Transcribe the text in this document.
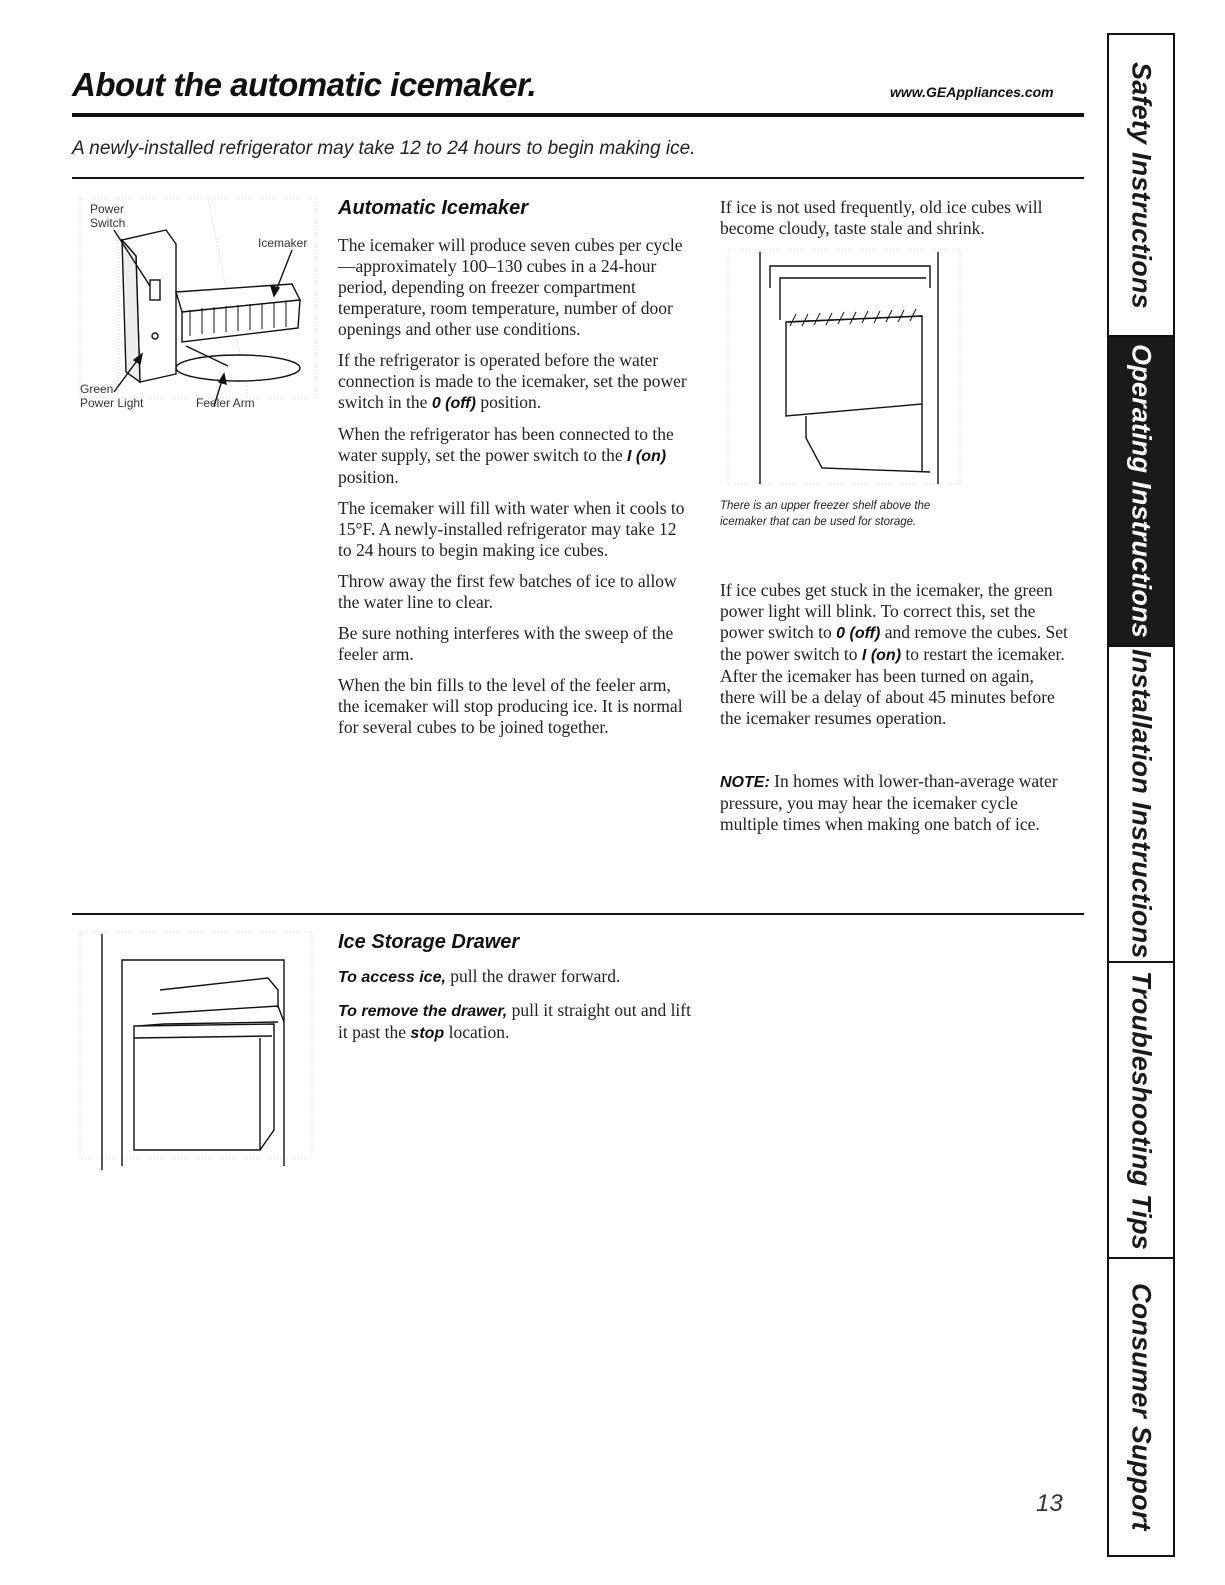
About the automatic icemaker.	www.GEAppliances.com
A newly-installed refrigerator may take 12 to 24 hours to begin making ice.
Power
Switch
Icemaker
Green
Power Light	Feeler Arm
Automatic Icemaker

The icemaker will produce seven cubes per cycle—approximately 100–130 cubes in a 24-hour period, depending on freezer compartment temperature, room temperature, number of door openings and other use conditions.

If the refrigerator is operated before the water connection is made to the icemaker, set the power switch in the 0 (off) position.

When the refrigerator has been connected to the water supply, set the power switch to the I (on) position.

The icemaker will fill with water when it cools to 15°F. A newly-installed refrigerator may take 12 to 24 hours to begin making ice cubes.

Throw away the first few batches of ice to allow the water line to clear.

Be sure nothing interferes with the sweep of the feeler arm.

When the bin fills to the level of the feeler arm, the icemaker will stop producing ice. It is normal for several cubes to be joined together.

If ice is not used frequently, old ice cubes will become cloudy, taste stale and shrink.
There is an upper freezer shelf above the icemaker that can be used for storage.
If ice cubes get stuck in the icemaker, the green power light will blink. To correct this, set the power switch to 0 (off) and remove the cubes. Set the power switch to I (on) to restart the icemaker. After the icemaker has been turned on again, there will be a delay of about 45 minutes before the icemaker resumes operation.
NOTE: In homes with lower-than-average water pressure, you may hear the icemaker cycle multiple times when making one batch of ice.
Ice Storage Drawer
To access ice, pull the drawer forward.
To remove the drawer, pull it straight out and lift it past the stop location.
Safety Instructions
Operating Instructions
Installation Instructions
Troubleshooting Tips
Consumer Support
13
